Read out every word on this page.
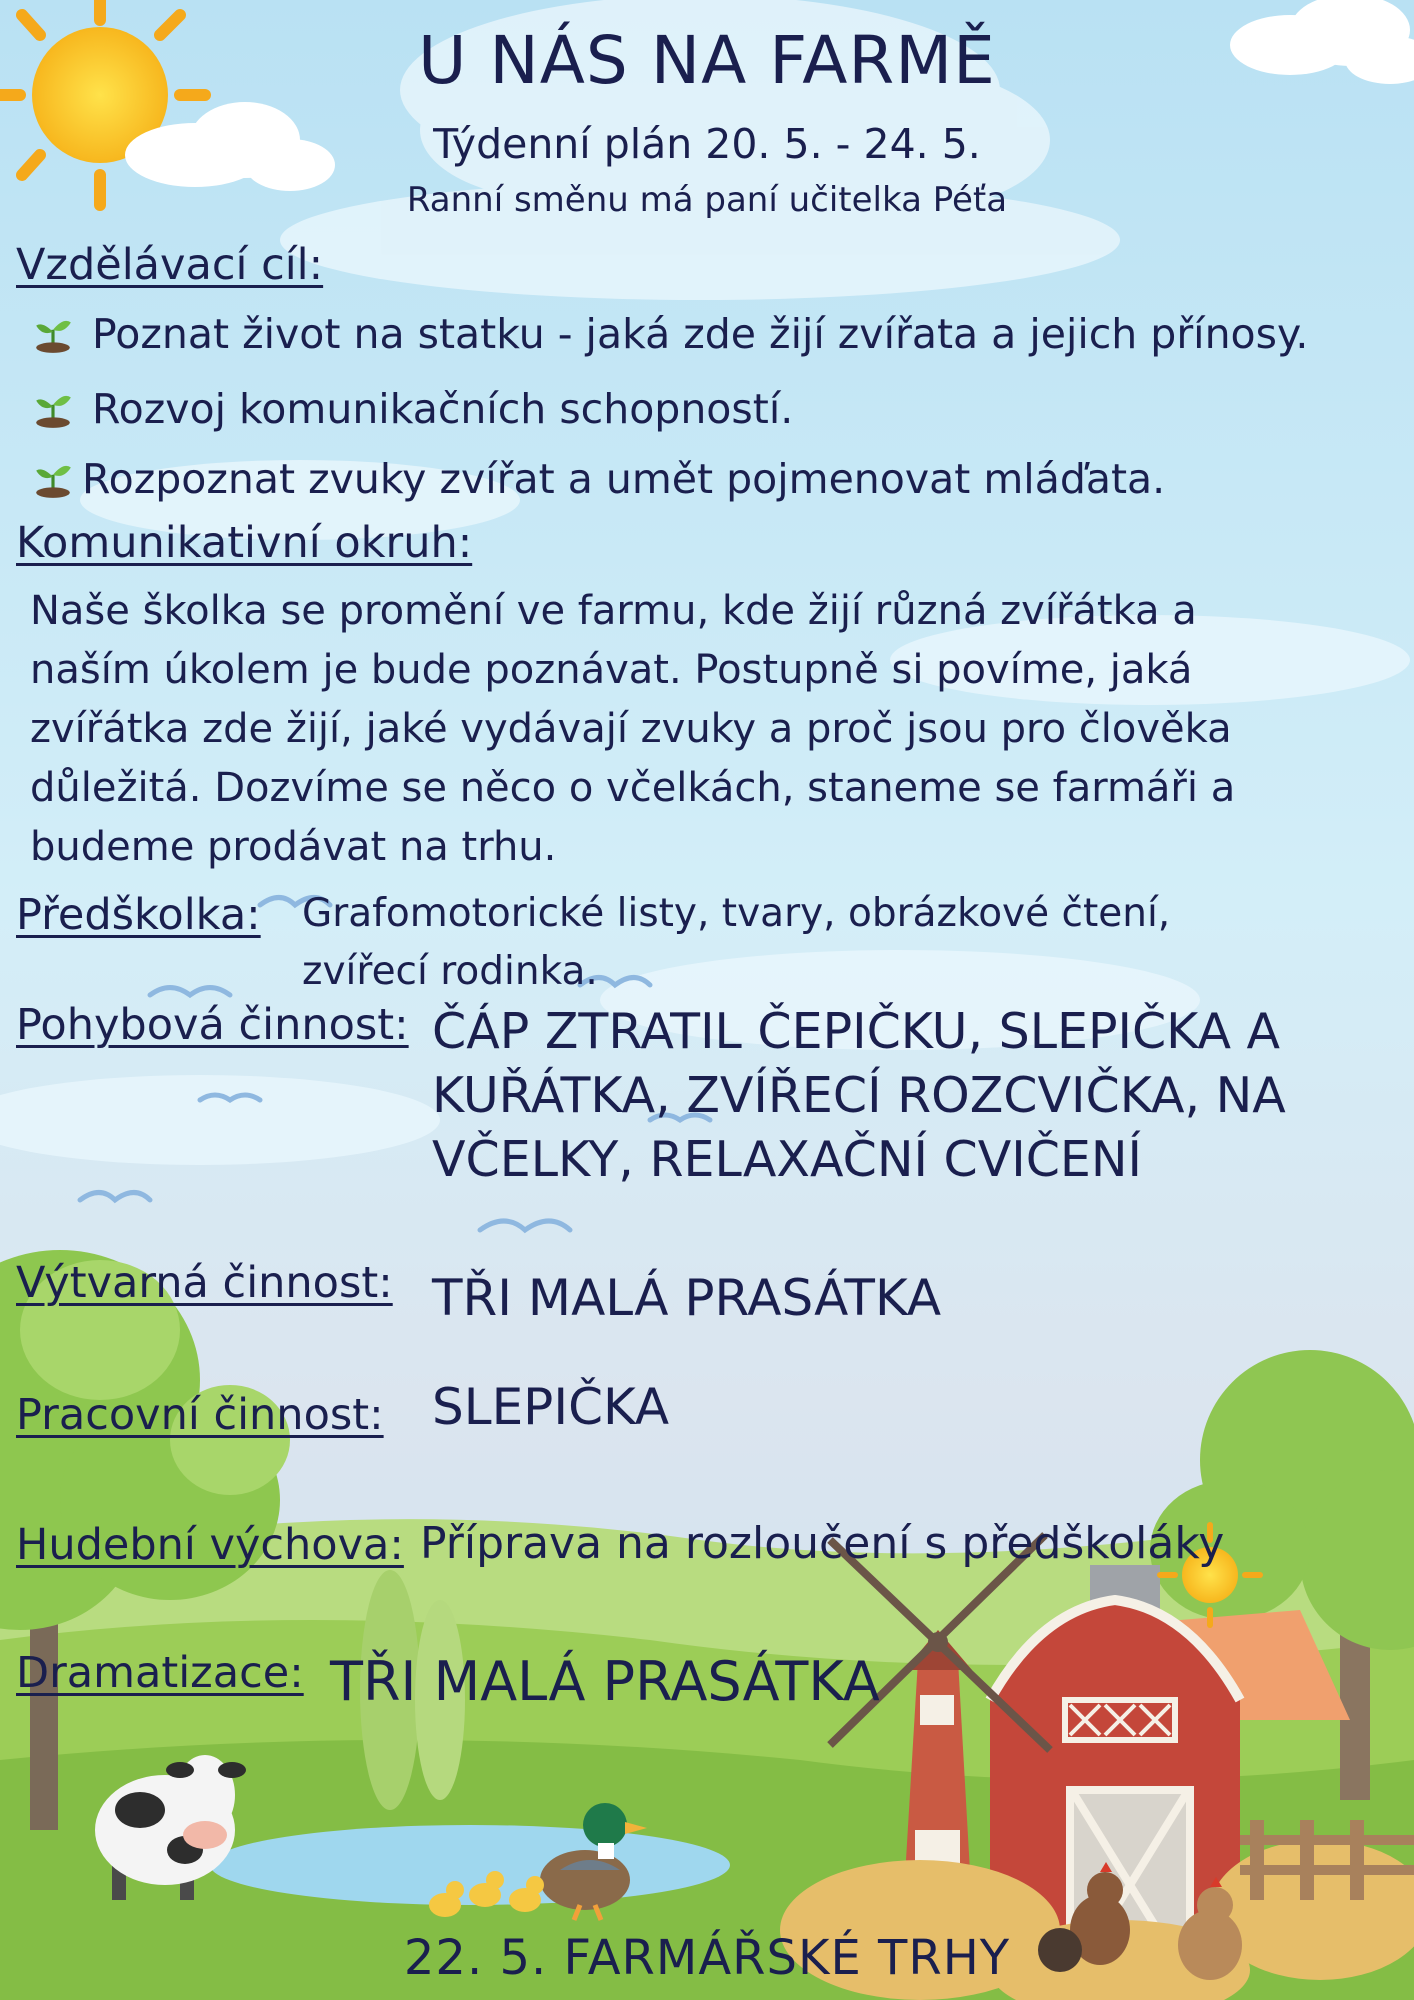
U NÁS NA FARMĚ
Týdenní plán 20. 5. - 24. 5.
Ranní směnu má paní učitelka Péťa
Vzdělávací cíl:
Poznat život na statku - jaká zde žijí zvířata a jejich přínosy.
Rozvoj komunikačních schopností.
Rozpoznat zvuky zvířat a umět pojmenovat mláďata.
Komunikativní okruh:
Naše školka se promění ve farmu, kde žijí různá zvířátka a
naším úkolem je bude poznávat. Postupně si povíme, jaká
zvířátka zde žijí, jaké vydávají zvuky a proč jsou pro člověka
důležitá. Dozvíme se něco o včelkách, staneme se farmáři a
budeme prodávat na trhu.
Předškolka: Grafomotorické listy, tvary, obrázkové čtení,
zvířecí rodinka.
Pohybová činnost: ČÁP ZTRATIL ČEPIČKU, SLEPIČKA A
KUŘÁTKA, ZVÍŘECÍ ROZCVIČKA, NA
VČELKY, RELAXAČNÍ CVIČENÍ
Výtvarná činnost: TŘI MALÁ PRASÁTKA
Pracovní činnost: SLEPIČKA
Hudební výchova: Příprava na rozloučení s předškoláky
Dramatizace: TŘI MALÁ PRASÁTKA
22. 5. FARMÁŘSKÉ TRHY
